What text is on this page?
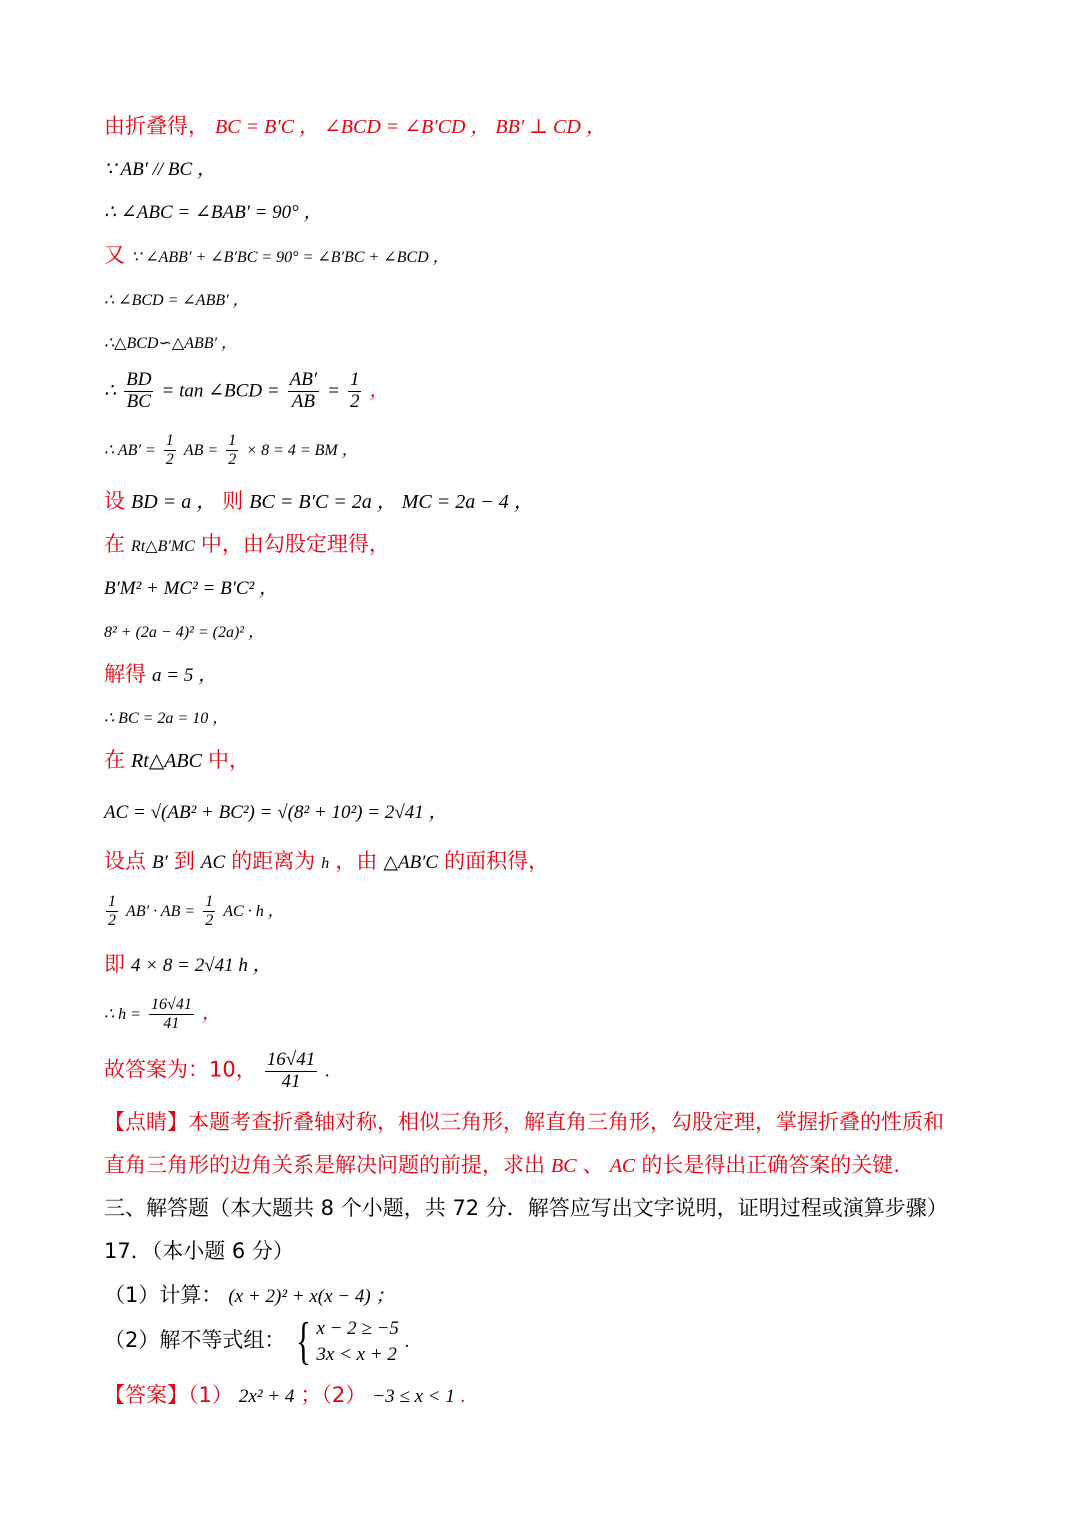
由折叠得， BC = B′C ， ∠BCD = ∠B′CD ， BB′ ⊥ CD ，
∵ AB′ // BC ，
∴ ∠ABC = ∠BAB′ = 90° ，
又 ∵ ∠ABB′ + ∠B′BC = 90° = ∠B′BC + ∠BCD ，
∴ ∠BCD = ∠ABB′ ，
∴△BCD∽△ABB′ ，
∴ $\frac{BD}{BC} = \tan$ ∠BCD = $\frac{AB'}{AB} = \frac{1}{2}$ ，
∴ $AB' = \frac{1}{2}$ AB = $\frac{1}{2} \times 8 = 4$ = BM ，
设 BD = a ， 则 BC = B′C = 2a ， MC = 2a − 4 ，
在 Rt△B′MC 中，由勾股定理得，
B′M² + MC² = B′C² ，
8² + (2a − 4)² = (2a)² ，
解得 a = 5 ，
∴ BC = 2a = 10 ，
在 Rt△ABC 中，
AC = √(AB² + BC²) = √(8² + 10²) = 2√41 ，
设点 B′ 到 AC 的距离为 h ，由 △AB′C 的面积得，
$\frac{1}{2} AB'$ · AB = $\frac{1}{2}$ AC · h ，
即 4 × 8 = 2√41 h ，
∴ $h = \frac{16√41}{41}$ ，
故答案为：10， $\frac{16√41}{41}$ .
【点睛】本题考查折叠轴对称，相似三角形，解直角三角形，勾股定理，掌握折叠的性质和
直角三角形的边角关系是解决问题的前提，求出 BC 、 AC 的长是得出正确答案的关键.
三、解答题（本大题共 8 个小题，共 72 分．解答应写出文字说明，证明过程或演算步骤）
17．（本小题 6 分）
（1）计算： (x + 2)² + x(x − 4) ；
（2）解不等式组： { x − 2 ≥ −5
3x < x + 2
.
【答案】（1） 2x² + 4 ；（2） −3 ≤ x < 1 .
